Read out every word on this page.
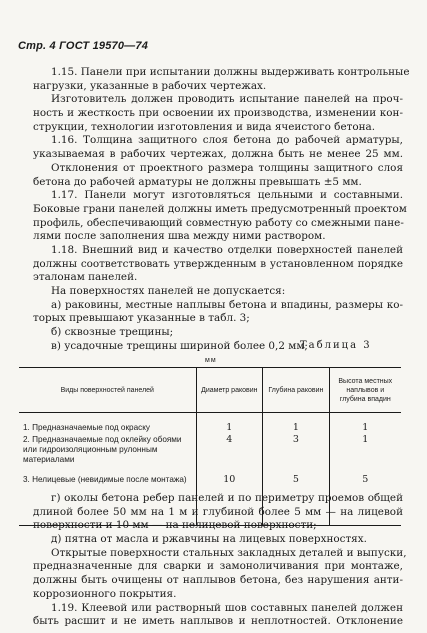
Стр. 4 ГОСТ 19570—74
1.15. Панели при испытании должны выдерживать контрольные
нагрузки, указанные в рабочих чертежах.
Изготовитель должен проводить испытание панелей на проч-
ность и жесткость при освоении их производства, изменении кон-
струкции, технологии изготовления и вида ячеистого бетона.
1.16. Толщина защитного слоя бетона до рабочей арматуры,
указываемая в рабочих чертежах, должна быть не менее 25 мм.
Отклонения от проектного размера толщины защитного слоя
бетона до рабочей арматуры не должны превышать ±5 мм.
1.17. Панели могут изготовляться цельными и составными.
Боковые грани панелей должны иметь предусмотренный проектом
профиль, обеспечивающий совместную работу со смежными пане-
лями после заполнения шва между ними раствором.
1.18. Внешний вид и качество отделки поверхностей панелей
должны соответствовать утвержденным в установленном порядке
эталонам панелей.
На поверхностях панелей не допускается:
а) раковины, местные наплывы бетона и впадины, размеры ко-
торых превышают указанные в табл. 3;
б) сквозные трещины;
в) усадочные трещины шириной более 0,2 мм;
Таблица 3
мм
Виды поверхностей панелей	Диаметр раковин	Глубина раковин	Высота местных наплывов и глубина впадин

1. Предназначаемые под окраску	1	1	1

2. Предназначаемые под оклейку обоями или гидроизоляционным рулонным материалами	4	3	1

3. Нелицевые (невидимые после монтажа)	10	5	5
г) околы бетона ребер панелей и по периметру проемов общей
длиной более 50 мм на 1 м и глубиной более 5 мм — на лицевой
поверхности и 10 мм — на нелицевой поверхности;
д) пятна от масла и ржавчины на лицевых поверхностях.
Открытые поверхности стальных закладных деталей и выпуски,
предназначенные для сварки и замоноличивания при монтаже,
должны быть очищены от наплывов бетона, без нарушения анти-
коррозионного покрытия.
1.19. Клеевой или растворный шов составных панелей должен
быть расшит и не иметь наплывов и неплотностей. Отклонение
